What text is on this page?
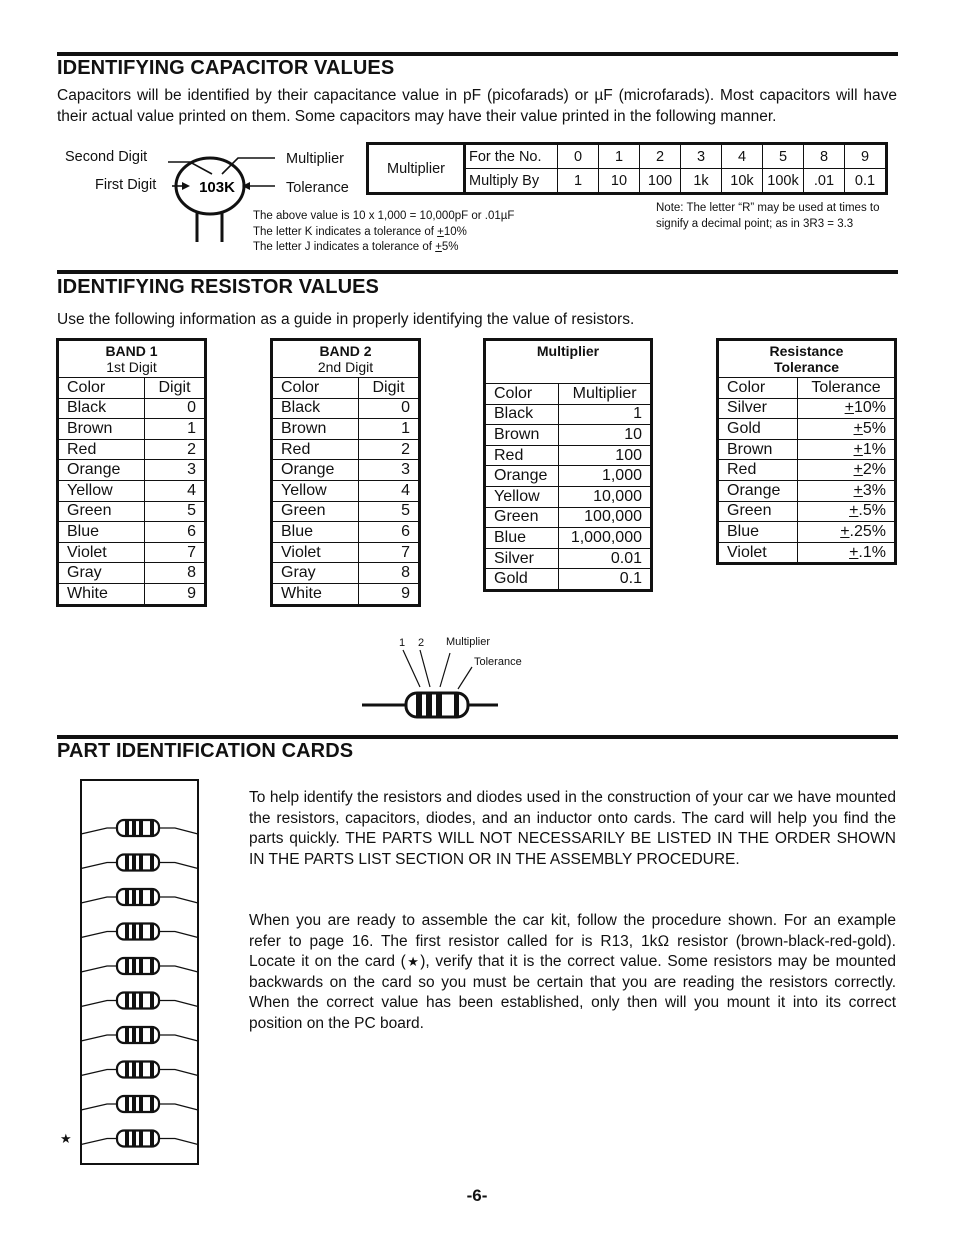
IDENTIFYING CAPACITOR VALUES
Capacitors will be identified by their capacitance value in pF (picofarads) or µF (microfarads). Most capacitors will have their actual value printed on them. Some capacitors may have their value printed in the following manner.
Second Digit
First Digit
Multiplier
Tolerance
103K
The above value is 10 x 1,000 = 10,000pF or .01µF
The letter K indicates a tolerance of +10%
The letter J indicates a tolerance of +5%
Multiplier	For the No.	0	1	2	3	4	5	8	9
	Multiply By	1	10	100	1k	10k	100k	.01	0.1
Note: The letter “R” may be used at times to signify a decimal point; as in 3R3 = 3.3
IDENTIFYING RESISTOR VALUES
Use the following information as a guide in properly identifying the value of resistors.
BAND 1
1st Digit	
Color	Digit
Black	0
Brown	1
Red	2
Orange	3
Yellow	4
Green	5
Blue	6
Violet	7
Gray	8
White	9
BAND 2
2nd Digit	
Color	Digit
Black	0
Brown	1
Red	2
Orange	3
Yellow	4
Green	5
Blue	6
Violet	7
Gray	8
White	9
Multiplier	
Color	Multiplier
Black	1
Brown	10
Red	100
Orange	1,000
Yellow	10,000
Green	100,000
Blue	1,000,000
Silver	0.01
Gold	0.1
Resistance
Tolerance	
Color	Tolerance
Silver	+10%
Gold	+5%
Brown	+1%
Red	+2%
Orange	+3%
Green	+.5%
Blue	+.25%
Violet	+.1%
1 2 Multiplier
Tolerance
PART IDENTIFICATION CARDS
★
To help identify the resistors and diodes used in the construction of your car we have mounted the resistors, capacitors, diodes, and an inductor onto cards. The card will help you find the parts quickly. THE PARTS WILL NOT NECESSARILY BE LISTED IN THE ORDER SHOWN IN THE PARTS LIST SECTION OR IN THE ASSEMBLY PROCEDURE.
When you are ready to assemble the car kit, follow the procedure shown. For an example refer to page 16. The first resistor called for is R13, 1kΩ resistor (brown-black-red-gold). Locate it on the card (★), verify that it is the correct value. Some resistors may be mounted backwards on the card so you must be certain that you are reading the resistors correctly. When the correct value has been established, only then will you mount it into its correct position on the PC board.
-6-
